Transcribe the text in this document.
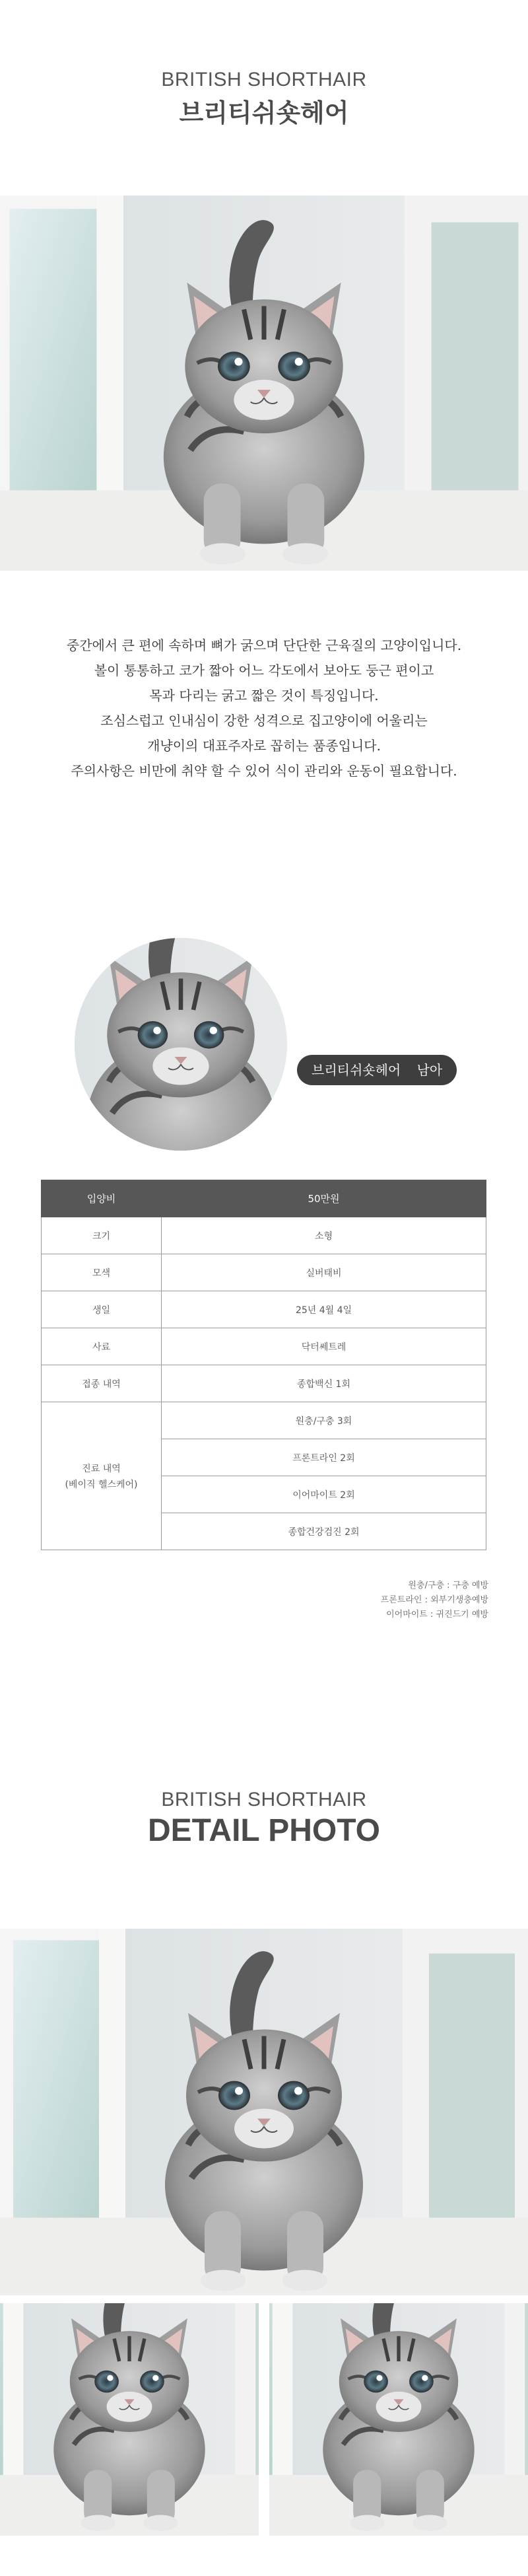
BRITISH SHORTHAIR
브리티쉬숏헤어

중간에서 큰 편에 속하며 뼈가 굵으며 단단한 근육질의 고양이입니다.

볼이 통통하고 코가 짧아 어느 각도에서 보아도 둥근 편이고

목과 다리는 굵고 짧은 것이 특징입니다.

조심스럽고 인내심이 강한 성격으로 집고양이에 어울리는

개냥이의 대표주자로 꼽히는 품종입니다.

주의사항은 비만에 취약 할 수 있어 식이 관리와 운동이 필요합니다.

브리티쉬숏헤어 남아
입양비	50만원
크기	소형
모색	실버태비
생일	25년 4월 4일
사료	닥터쎄트레
접종 내역	종합백신 1회

진료 내역
(베이직 헬스케어)	원충/구충 3회
	프론트라인 2회
	이어마이트 2회
	종합건강검진 2회

원충/구충 : 구충 예방

프론트라인 : 외부기생충예방

이어마이트 : 귀진드기 예방

BRITISH SHORTHAIR
DETAIL PHOTO
